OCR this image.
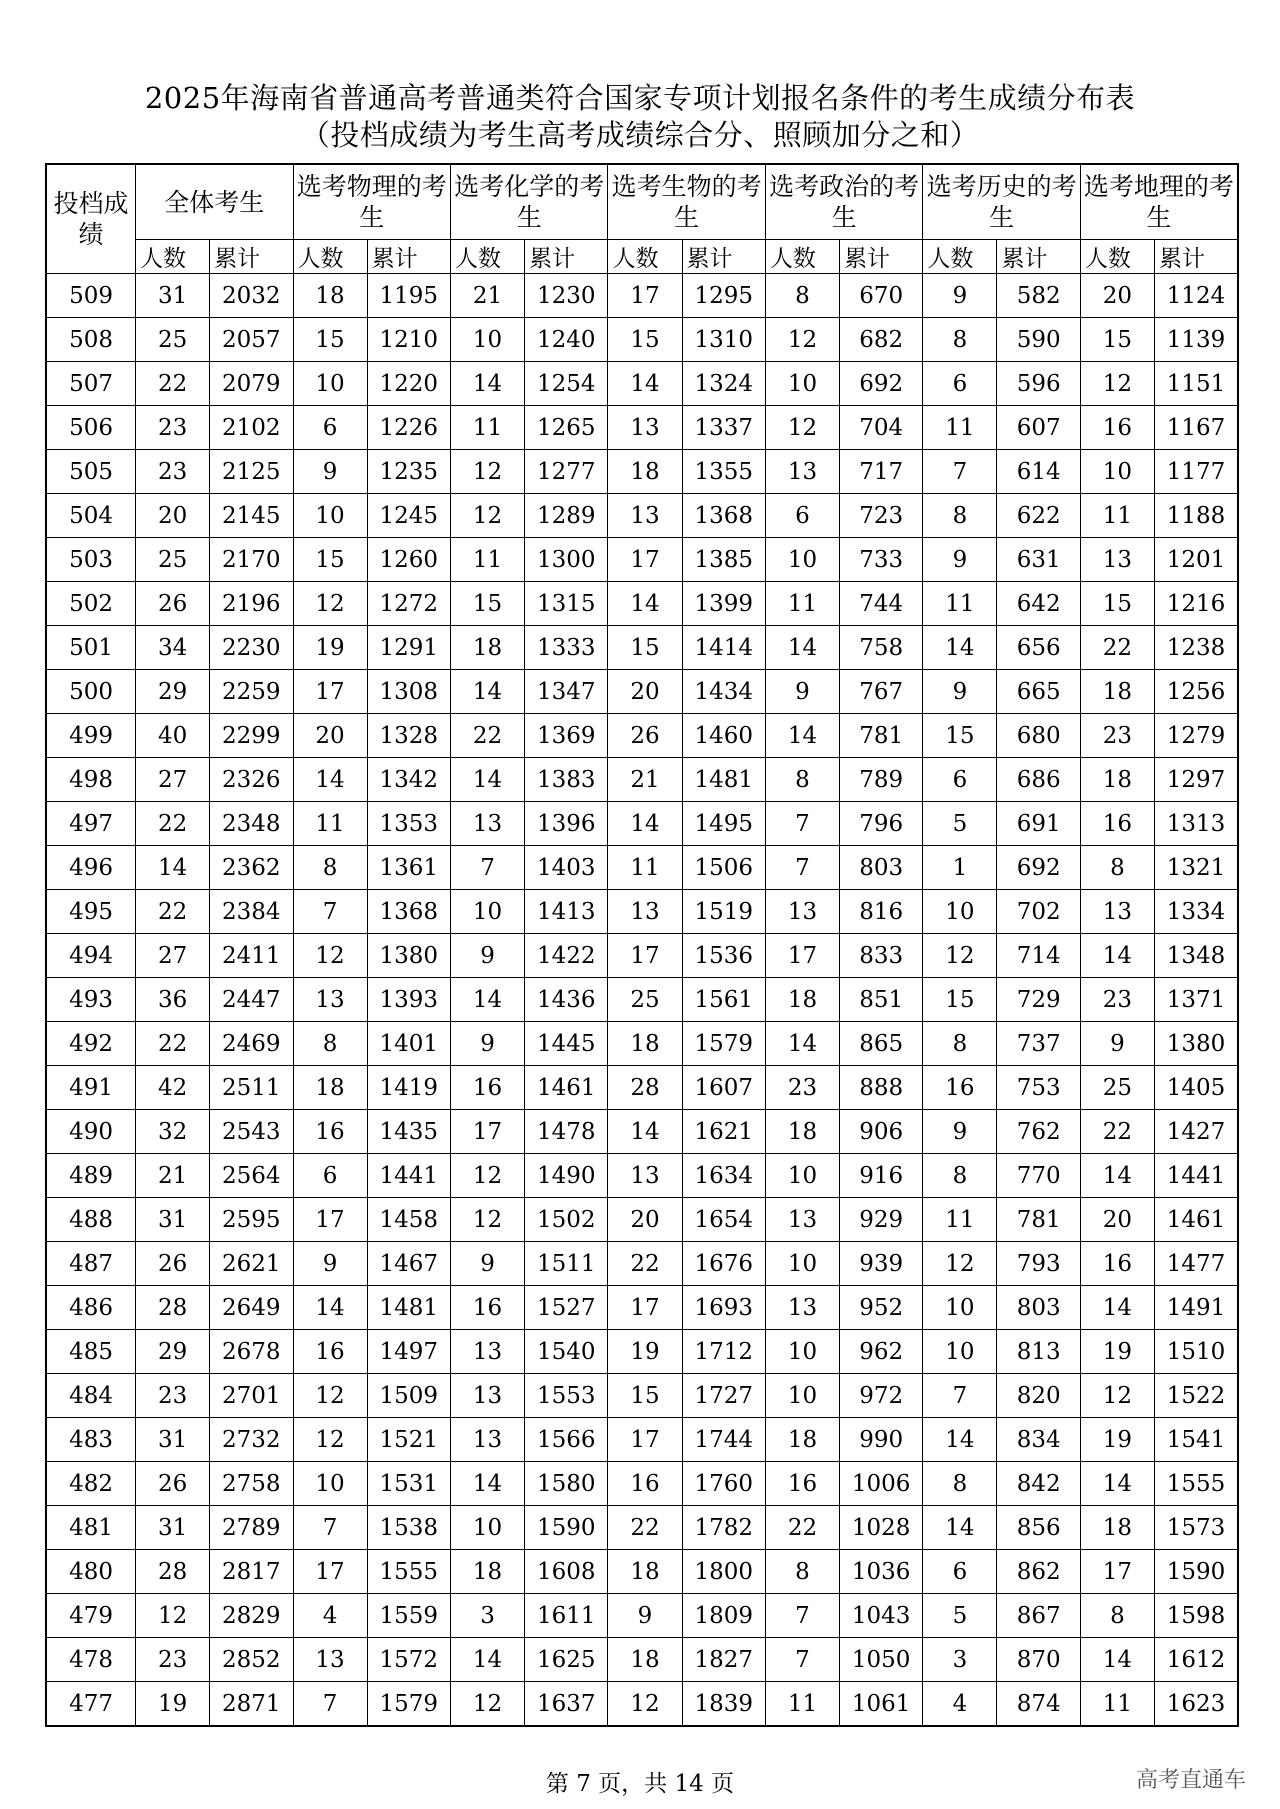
2025年海南省普通高考普通类符合国家专项计划报名条件的考生成绩分布表
（投档成绩为考生高考成绩综合分、照顾加分之和）
投档成绩	全体考生		选考物理的考生		选考化学的考生		选考生物的考生		选考政治的考生		选考历史的考生		选考地理的考生	
	人数	累计	人数	累计	人数	累计	人数	累计	人数	累计	人数	累计	人数	累计
509	31	2032	18	1195	21	1230	17	1295	8	670	9	582	20	1124
508	25	2057	15	1210	10	1240	15	1310	12	682	8	590	15	1139
507	22	2079	10	1220	14	1254	14	1324	10	692	6	596	12	1151
506	23	2102	6	1226	11	1265	13	1337	12	704	11	607	16	1167
505	23	2125	9	1235	12	1277	18	1355	13	717	7	614	10	1177
504	20	2145	10	1245	12	1289	13	1368	6	723	8	622	11	1188
503	25	2170	15	1260	11	1300	17	1385	10	733	9	631	13	1201
502	26	2196	12	1272	15	1315	14	1399	11	744	11	642	15	1216
501	34	2230	19	1291	18	1333	15	1414	14	758	14	656	22	1238
500	29	2259	17	1308	14	1347	20	1434	9	767	9	665	18	1256
499	40	2299	20	1328	22	1369	26	1460	14	781	15	680	23	1279
498	27	2326	14	1342	14	1383	21	1481	8	789	6	686	18	1297
497	22	2348	11	1353	13	1396	14	1495	7	796	5	691	16	1313
496	14	2362	8	1361	7	1403	11	1506	7	803	1	692	8	1321
495	22	2384	7	1368	10	1413	13	1519	13	816	10	702	13	1334
494	27	2411	12	1380	9	1422	17	1536	17	833	12	714	14	1348
493	36	2447	13	1393	14	1436	25	1561	18	851	15	729	23	1371
492	22	2469	8	1401	9	1445	18	1579	14	865	8	737	9	1380
491	42	2511	18	1419	16	1461	28	1607	23	888	16	753	25	1405
490	32	2543	16	1435	17	1478	14	1621	18	906	9	762	22	1427
489	21	2564	6	1441	12	1490	13	1634	10	916	8	770	14	1441
488	31	2595	17	1458	12	1502	20	1654	13	929	11	781	20	1461
487	26	2621	9	1467	9	1511	22	1676	10	939	12	793	16	1477
486	28	2649	14	1481	16	1527	17	1693	13	952	10	803	14	1491
485	29	2678	16	1497	13	1540	19	1712	10	962	10	813	19	1510
484	23	2701	12	1509	13	1553	15	1727	10	972	7	820	12	1522
483	31	2732	12	1521	13	1566	17	1744	18	990	14	834	19	1541
482	26	2758	10	1531	14	1580	16	1760	16	1006	8	842	14	1555
481	31	2789	7	1538	10	1590	22	1782	22	1028	14	856	18	1573
480	28	2817	17	1555	18	1608	18	1800	8	1036	6	862	17	1590
479	12	2829	4	1559	3	1611	9	1809	7	1043	5	867	8	1598
478	23	2852	13	1572	14	1625	18	1827	7	1050	3	870	14	1612
477	19	2871	7	1579	12	1637	12	1839	11	1061	4	874	11	1623
第 7 页，共 14 页	高考直通车
